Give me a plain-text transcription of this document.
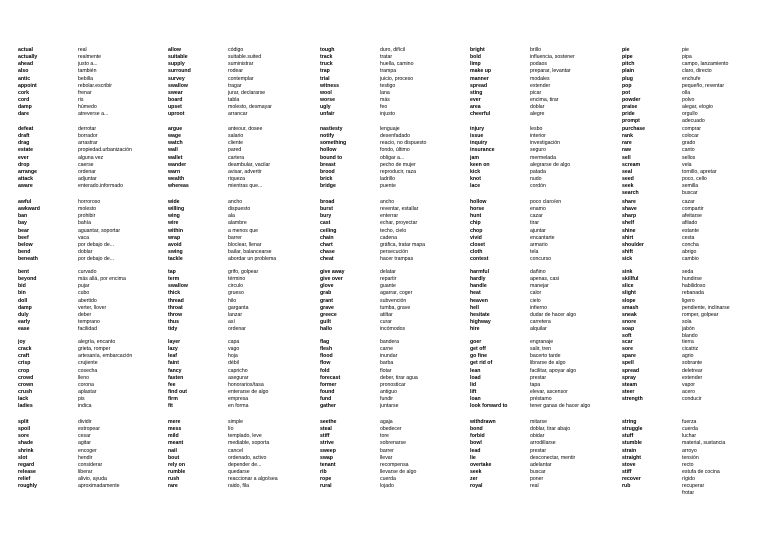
actual
actually
ahead
also
antic
appoint
cork
cord
damp
dare
real
realmente
justo a...
también
bebilla
rebolar.escribir
frenar
ris
húmedo
atreverse a...
defeat
draft
drag
estate
ever
drop
arrange
attack
aware
derrotar
borrador
arrastrar
propiedad.urbanización
alguna vez
caerse
ordenar
adjuntar
enterado.informado
awful
awkward
ban
bay
bear
beef
below
bend
beneath
horroroso
molesto
prohibir
bahía
aguantar, soportar
vaca
por debajo de...
doblar
por debajo de...
bent
beyond
bid
bin
doll
damp
duly
early
ease
curvado
más allá, por encima
pujar
cubo
abertido
verter, llover
deber
temprano
facilidad
joy
crack
craft
crisp
crop
crowd
crown
crush
lack
ladies
alegría, encanto
grieta, romper
artesanía, embarcación
crujiente
cosecha
lleno
corona
aplastar
pis
indica
split
spoil
sore
shade
shrink
slot
regard
release
relief
roughly
dividir
estropear
cesar
agitar
encoger
hendir
considerar
liberar
alivio, ayuda
aproximadamente
allow
suitable
supply
surround
survey
swallow
swear
board
upset
uproot
código
suitable.suited
suministrar
rodear
contemplar
tragar
jurar, declararse
tabla
molesto, desmayar
arrancar
argue
wage
watch
wall
wallet
wander
warn
wealth
whereas
anteour, dosee
salario
cliente
pared
cartera
deambular, vacilar
avisar, advertir
riqueza
mientras que...
wide
willing
wing
wire
within
wrap
avoid
swing
tackle
ancho
dispuesto
ala
alambre
a menos que
barrer
bloclear, llenar
bailar, balancearse
abordar un problema
tap
term
swallow
thick
thread
throat
throw
thus
tidy
grifo, golpear
término
circulo
grueso
hilo
garganta
lanzar
así
ordenar
layer
lazy
leaf
faint
fancy
fasten
fee
find out
firm
fit
capa
vago
hoja
débil
capricho
asegurar
honorarios/tasa
enterarse de algo
empresa
en forma
mere
mess
mild
meant
nail
bout
rely on
rumble
rush
rare
simple
lío
templado, leve
mediable, soporta
cancel
ordenado, activo
depender de...
quedarse
reaccionar a algo/sea
raido, fila
tough
track
truck
trap
trial
witness
wool
worse
ugly
unfair
duro, difícil
tratar
huella, camino
trampa
juicio, proceso
testigo
lana
más
feo
injusto
nastiesty
notify
something
hollow
bound to
breast
brood
brick
bridge
lenguaje
desenfadado
reacio, no dispuesto
fondo, último
obligar a...
pecho de mujer
reproducir, raza
ladrillo
puente
broad
burst
bury
cast
ceiling
chain
chart
chase
cheat
ancho
reventar, estallar
enterrar
echar, proyectar
techo, cielo
cadena
gráfica, tratar mapa
persecución
hacer trampas
give away
give over
glove
grab
grant
grave
greece
guilt
hallo
delatar
repartir
guante
agarrar, coger
subvención
tumba, grave
atiltar
curar
incómodos
flag
flesh
flood
flow
fold
forecast
former
found
fund
gather
bandera
carne
inundar
barba
flotar
deber, tirar agua
pronosticar
antiguo
fundir
juntarse
seethe
steal
stiff
strive
sweep
swap
tenant
rib
rope
rural
agaja
obedecer
tore
sobrenarse
barrer
llevar
recompensa
llevarse de algo
cuerda
lojado
bright
bold
limp
make up
manner
spread
sting
ever
area
cheerful
brillo
influencia, sostener
podaos
preparar, levantar
modales
extender
picar
encima, tirar
doblar
alegre
injury
issue
inquiry
insurance
jam
keen on
kick
knot
lace
lesbo
interior
investigación
seguro
mermelada
alegrarse de algo
patada
nudo
cordón
hollow
horse
hunt
chip
chop
vivid
closet
cloth
contest
poco claro/en
enamo
cazar
tirar
ajuntar
encantarte
armario
tela
concurso
harmful
hardly
handle
heat
heaven
hell
hesitate
highway
hire
dañino
apenas, casi
manejar
calor
cielo
infierno
dudar de hacer algo
carretera
alquilar
goer
get off
go fine
get rid of
lean
load
lid
lift
loan
look forward to
engranaje
salir, tren
bacerto tarde
librarse de algo
facilitar, apoyar algo
prestar
tapa
elevar, ascensor
préstamo
tener ganas de hacer algo
withdrawn
bond
forbid
bowl
lead
lie
overtake
seek
zer
royal
mitarse
doblar, tirar abajo
obidar
arrodillarse
prestar
desconectar, mentir
adelantar
buscar
poner
real
pie
pipe
pitch
plain
plug
pop
pot
powder
praise
pride
prompt
pie
pipa
campo, lanzamiento
claro, directo
enchufe
pequeño, reventar
olla
polvo
alegar, elogio
orgullo
adecuado
purchase
rank
rare
raw
sell
scream
seal
seed
seek
search
comprar
colocar
grado
canto
sellos
vela
tornillo, apretar
poco, cello
semilla
buscar
share
shave
sharp
shelf
shine
shirt
shoulder
shift
sick
cazar
compartir
afeitarse
afilado
estante
cesta
concha
abrigo
cambio
sink
skillful
slice
slight
slope
smash
sneak
snore
soap
soft
seda
hundirse
habilidoso
rebanada
ligero
pendiente, inclinarse
romper, golpear
sola
jabón
blando
scar
sore
spare
spell
spread
spray
steam
steer
strength
tierra
cicatriz
agrio
sobrante
deletrear
extender
vapor
acero
conducir
string
struggle
stuff
stumble
strain
straight
stove
stiff
recover
rub
fuerza
cuerda
luchar
material, sustancia
arroyo
tensión
recto
estufa de cocina
rígido
recuperar
frotar
